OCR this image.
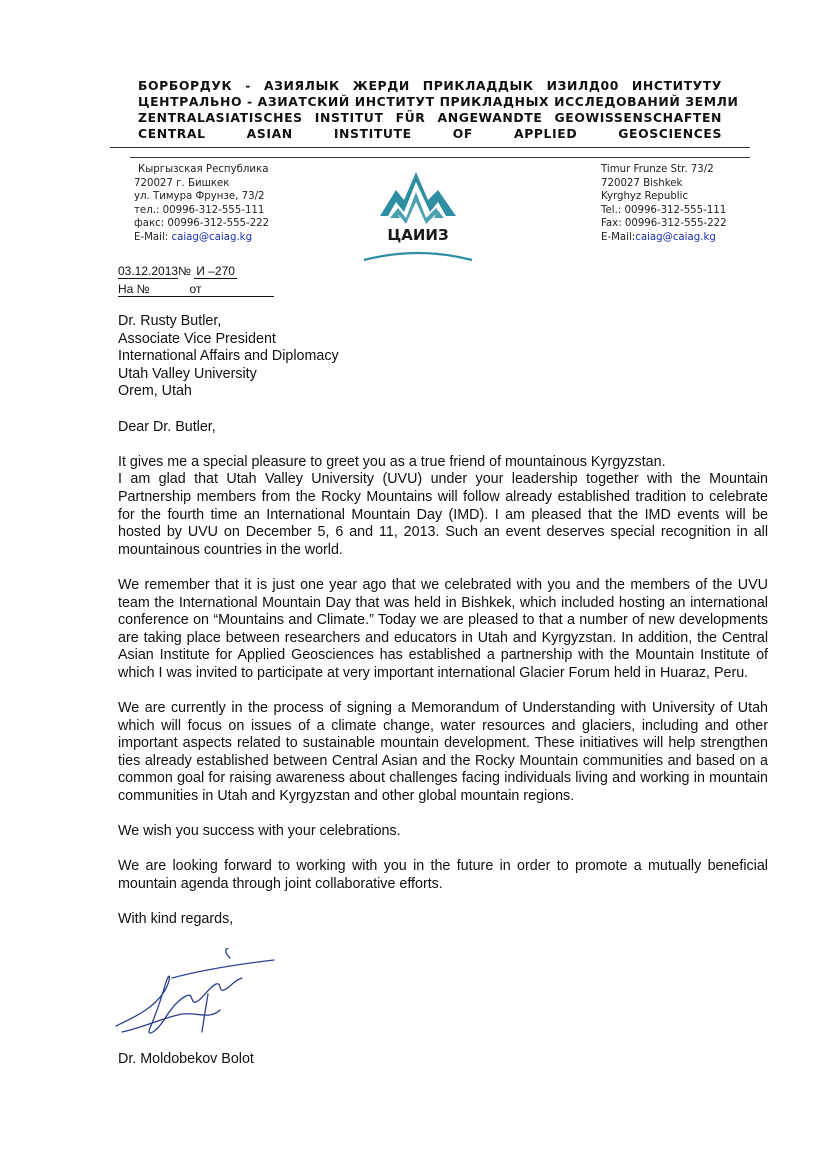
БОРБОРДУК - АЗИЯЛЫК ЖЕРДИ ПРИКЛАДДЫК ИЗИЛД00 ИНСТИТУТУ
ЦЕНТРАЛЬНО - АЗИАТСКИЙ ИНСТИТУТ ПРИКЛАДНЫХ ИССЛЕДОВАНИЙ ЗЕМЛИ
ZENTRALASIATISCHES INSTITUT FÜR ANGEWANDTE GEOWISSENSCHAFTEN
CENTRAL ASIAN INSTITUTE OF APPLIED GEOSCIENCES
Кыргызская Республика
720027 г. Бишкек
ул. Тимура Фрунзе, 73/2
тел.: 00996-312-555-111
факс: 00996-312-555-222
E-Mail: caiag@caiag.kg	ЦАИИЗ
Timur Frunze Str. 73/2
720027 Bishkek
Kyrghyz Republic
Tel.: 00996-312-555-111
Fax: 00996-312-555-222
E-Mail:caiag@caiag.kg
03.12.2013№ И –270
На №	от

Dr. Rusty Butler,

Associate Vice President

International Affairs and Diplomacy

Utah Valley University

Orem, Utah

Dear Dr. Butler,

It gives me a special pleasure to greet you as a true friend of mountainous Kyrgyzstan.

I am glad that Utah Valley University (UVU) under your leadership together with the Mountain Partnership members from the Rocky Mountains will follow already established tradition to celebrate for the fourth time an International Mountain Day (IMD). I am pleased that the IMD events will be hosted by UVU on December 5, 6 and 11, 2013. Such an event deserves special recognition in all mountainous countries in the world.

We remember that it is just one year ago that we celebrated with you and the members of the UVU team the International Mountain Day that was held in Bishkek, which included hosting an international conference on “Mountains and Climate.” Today we are pleased to that a number of new developments are taking place between researchers and educators in Utah and Kyrgyzstan. In addition, the Central Asian Institute for Applied Geosciences has established a partnership with the Mountain Institute of which I was invited to participate at very important international Glacier Forum held in Huaraz, Peru.

We are currently in the process of signing a Memorandum of Understanding with University of Utah which will focus on issues of a climate change, water resources and glaciers, including and other important aspects related to sustainable mountain development. These initiatives will help strengthen ties already established between Central Asian and the Rocky Mountain communities and based on a common goal for raising awareness about challenges facing individuals living and working in mountain communities in Utah and Kyrgyzstan and other global mountain regions.

We wish you success with your celebrations.

We are looking forward to working with you in the future in order to promote a mutually beneficial mountain agenda through joint collaborative efforts.

With kind regards,

Dr. Moldobekov Bolot
